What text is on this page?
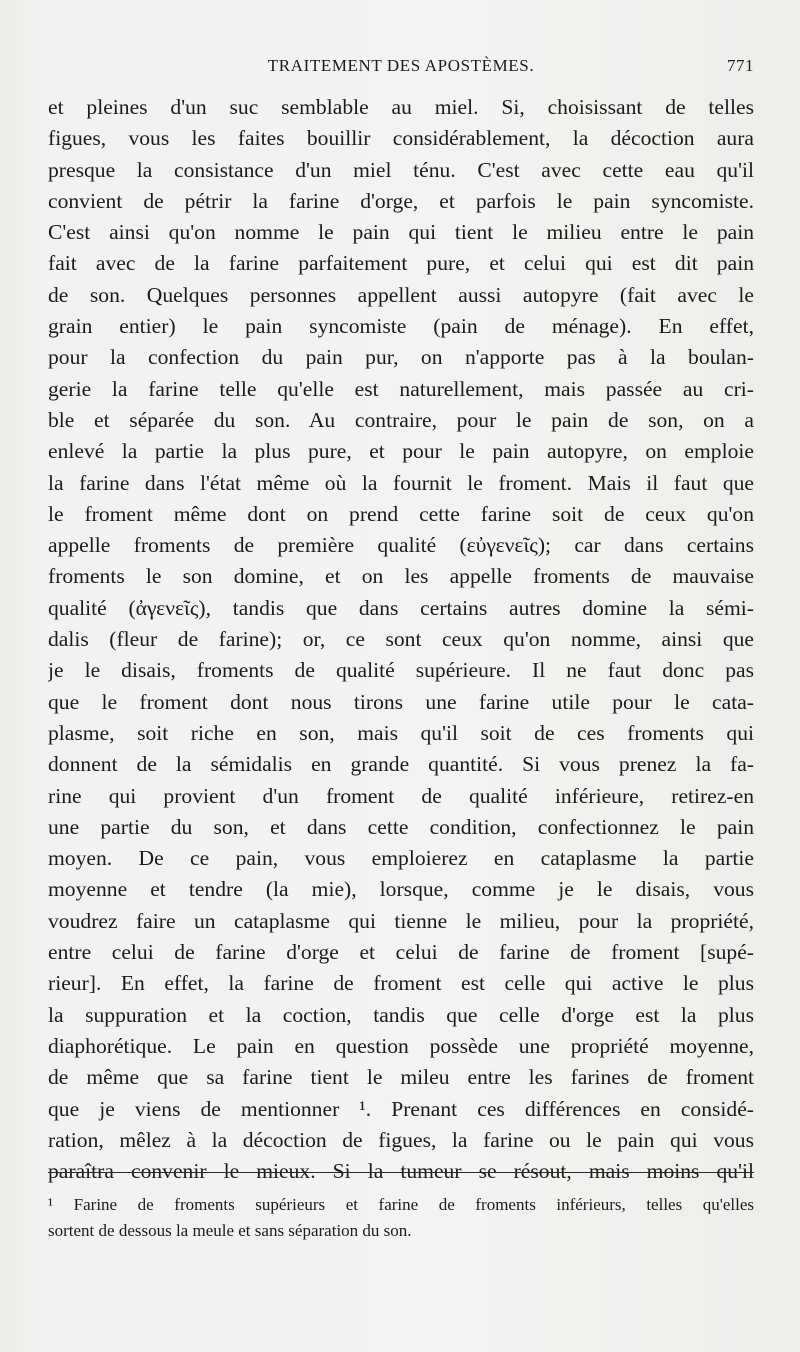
TRAITEMENT DES APOSTÈMES.	771
et pleines d'un suc semblable au miel. Si, choisissant de telles
figues, vous les faites bouillir considérablement, la décoction aura
presque la consistance d'un miel ténu. C'est avec cette eau qu'il
convient de pétrir la farine d'orge, et parfois le pain syncomiste.
C'est ainsi qu'on nomme le pain qui tient le milieu entre le pain
fait avec de la farine parfaitement pure, et celui qui est dit pain
de son. Quelques personnes appellent aussi autopyre (fait avec le
grain entier) le pain syncomiste (pain de ménage). En effet,
pour la confection du pain pur, on n'apporte pas à la boulan-
gerie la farine telle qu'elle est naturellement, mais passée au cri-
ble et séparée du son. Au contraire, pour le pain de son, on a
enlevé la partie la plus pure, et pour le pain autopyre, on emploie
la farine dans l'état même où la fournit le froment. Mais il faut que
le froment même dont on prend cette farine soit de ceux qu'on
appelle froments de première qualité (εὐγενεῖς); car dans certains
froments le son domine, et on les appelle froments de mauvaise
qualité (ἀγενεῖς), tandis que dans certains autres domine la sémi-
dalis (fleur de farine); or, ce sont ceux qu'on nomme, ainsi que
je le disais, froments de qualité supérieure. Il ne faut donc pas
que le froment dont nous tirons une farine utile pour le cata-
plasme, soit riche en son, mais qu'il soit de ces froments qui
donnent de la sémidalis en grande quantité. Si vous prenez la fa-
rine qui provient d'un froment de qualité inférieure, retirez-en
une partie du son, et dans cette condition, confectionnez le pain
moyen. De ce pain, vous emploierez en cataplasme la partie
moyenne et tendre (la mie), lorsque, comme je le disais, vous
voudrez faire un cataplasme qui tienne le milieu, pour la propriété,
entre celui de farine d'orge et celui de farine de froment [supé-
rieur]. En effet, la farine de froment est celle qui active le plus
la suppuration et la coction, tandis que celle d'orge est la plus
diaphorétique. Le pain en question possède une propriété moyenne,
de même que sa farine tient le mileu entre les farines de froment
que je viens de mentionner ¹. Prenant ces différences en considé-
ration, mêlez à la décoction de figues, la farine ou le pain qui vous
paraîtra convenir le mieux. Si la tumeur se résout, mais moins qu'il
¹ Farine de froments supérieurs et farine de froments inférieurs, telles qu'elles
sortent de dessous la meule et sans séparation du son.
